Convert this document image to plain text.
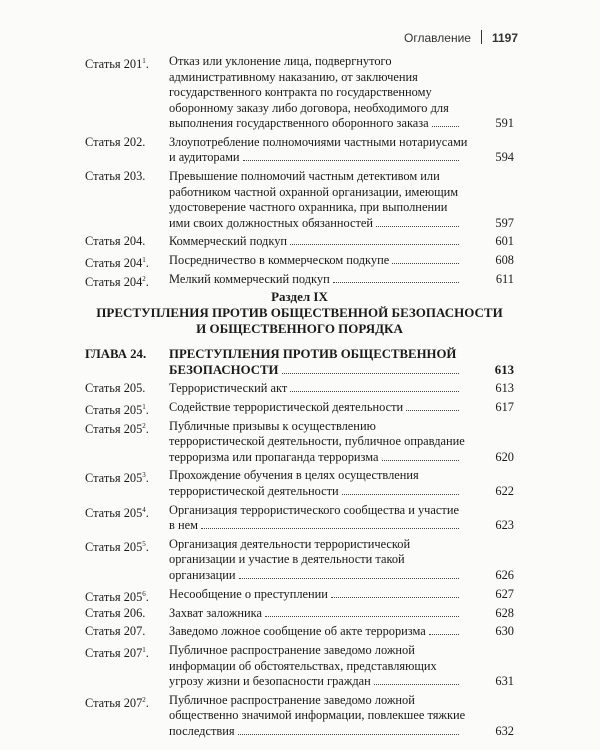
Оглавление 1197
Статья $201^1$. Отказ или уклонение лица, подвергнутого
административному наказанию, от заключения
государственного контракта по государственному
оборонному заказу либо договора, необходимого для
выполнения государственного оборонного заказа	591
Статья 202. Злоупотребление полномочиями частными нотариусами
и аудиторами	594
Статья 203. Превышение полномочий частным детективом или
работником частной охранной организации, имеющим
удостоверение частного охранника, при выполнении
ими своих должностных обязанностей	597
Статья 204. Коммерческий подкуп	601
Статья $204^1$. Посредничество в коммерческом подкупе	608
Статья $204^2$. Мелкий коммерческий подкуп	611
Раздел IX
ПРЕСТУПЛЕНИЯ ПРОТИВ ОБЩЕСТВЕННОЙ БЕЗОПАСНОСТИ
И ОБЩЕСТВЕННОГО ПОРЯДКА
ГЛАВА 24. ПРЕСТУПЛЕНИЯ ПРОТИВ ОБЩЕСТВЕННОЙ
БЕЗОПАСНОСТИ	613
Статья 205. Террористический акт	613
Статья $205^1$. Содействие террористической деятельности	617
Статья $205^2$. Публичные призывы к осуществлению
террористической деятельности, публичное оправдание
терроризма или пропаганда терроризма	620
Статья $205^3$. Прохождение обучения в целях осуществления
террористической деятельности	622
Статья $205^4$. Организация террористического сообщества и участие
в нем	623
Статья $205^5$. Организация деятельности террористической
организации и участие в деятельности такой
организации	626
Статья $205^6$. Несообщение о преступлении	627
Статья 206. Захват заложника	628
Статья 207. Заведомо ложное сообщение об акте терроризма	630
Статья $207^1$. Публичное распространение заведомо ложной
информации об обстоятельствах, представляющих
угрозу жизни и безопасности граждан	631
Статья $207^2$. Публичное распространение заведомо ложной
общественно значимой информации, повлекшее тяжкие
последствия	632
